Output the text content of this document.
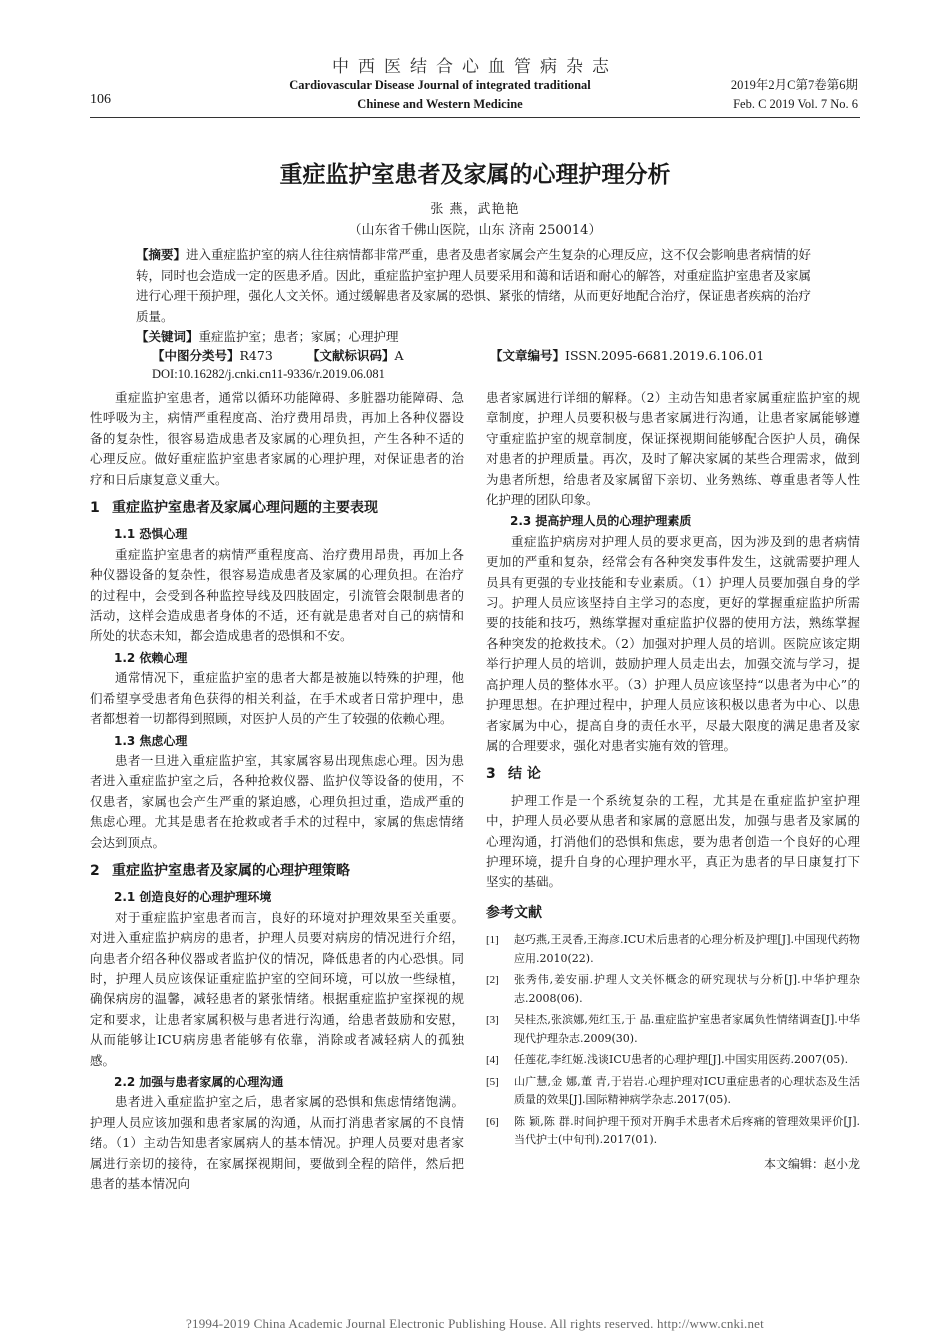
中西医结合心血管病杂志
Cardiovascular Disease Journal of integrated traditional
Chinese and Western Medicine
106
2019年2月C第7卷第6期
Feb. C 2019 Vol. 7 No. 6
重症监护室患者及家属的心理护理分析
张 燕，武艳艳
（山东省千佛山医院，山东 济南 250014）
【摘要】进入重症监护室的病人往往病情都非常严重，患者及患者家属会产生复杂的心理反应，这不仅会影响患者病情的好转，同时也会造成一定的医患矛盾。因此，重症监护室护理人员要采用和蔼和话语和耐心的解答，对重症监护室患者及家属进行心理干预护理，强化人文关怀。通过缓解患者及家属的恐惧、紧张的情绪，从而更好地配合治疗，保证患者疾病的治疗质量。
【关键词】重症监护室；患者；家属；心理护理
【中图分类号】R473	【文献标识码】A	【文章编号】ISSN.2095-6681.2019.6.106.01
DOI:10.16282/j.cnki.cn11-9336/r.2019.06.081

重症监护室患者，通常以循环功能障碍、多脏器功能障碍、急性呼吸为主，病情严重程度高、治疗费用昂贵，再加上各种仪器设备的复杂性，很容易造成患者及家属的心理负担，产生各种不适的心理反应。做好重症监护室患者家属的心理护理，对保证患者的治疗和日后康复意义重大。

1 重症监护室患者及家属心理问题的主要表现
1.1 恐惧心理

重症监护室患者的病情严重程度高、治疗费用昂贵，再加上各种仪器设备的复杂性，很容易造成患者及家属的心理负担。在治疗的过程中，会受到各种监控导线及四肢固定，引流管会限制患者的活动，这样会造成患者身体的不适，还有就是患者对自己的病情和所处的状态未知，都会造成患者的恐惧和不安。

1.2 依赖心理

通常情况下，重症监护室的患者大都是被施以特殊的护理，他们希望享受患者角色获得的相关利益，在手术或者日常护理中，患者都想着一切都得到照顾，对医护人员的产生了较强的依赖心理。

1.3 焦虑心理

患者一旦进入重症监护室，其家属容易出现焦虑心理。因为患者进入重症监护室之后，各种抢救仪器、监护仪等设备的使用，不仅患者，家属也会产生严重的紧迫感，心理负担过重，造成严重的焦虑心理。尤其是患者在抢救或者手术的过程中，家属的焦虑情绪会达到顶点。

2 重症监护室患者及家属的心理护理策略
2.1 创造良好的心理护理环境

对于重症监护室患者而言，良好的环境对护理效果至关重要。对进入重症监护病房的患者，护理人员要对病房的情况进行介绍，向患者介绍各种仪器或者监护仪的情况，降低患者的内心恐惧。同时，护理人员应该保证重症监护室的空间环境，可以放一些绿植，确保病房的温馨，减轻患者的紧张情绪。根据重症监护室探视的规定和要求，让患者家属积极与患者进行沟通，给患者鼓励和安慰，从而能够让ICU病房患者能够有依靠，消除或者减轻病人的孤独感。

2.2 加强与患者家属的心理沟通

患者进入重症监护室之后，患者家属的恐惧和焦虑情绪饱满。护理人员应该加强和患者家属的沟通，从而打消患者家属的不良情绪。（1）主动告知患者家属病人的基本情况。护理人员要对患者家属进行亲切的接待，在家属探视期间，要做到全程的陪伴，然后把患者的基本情况向

患者家属进行详细的解释。（2）主动告知患者家属重症监护室的规章制度，护理人员要积极与患者家属进行沟通，让患者家属能够遵守重症监护室的规章制度，保证探视期间能够配合医护人员，确保对患者的护理质量。再次，及时了解决家属的某些合理需求，做到为患者所想，给患者及家属留下亲切、业务熟练、尊重患者等人性化护理的团队印象。

2.3 提高护理人员的心理护理素质

重症监护病房对护理人员的要求更高，因为涉及到的患者病情更加的严重和复杂，经常会有各种突发事件发生，这就需要护理人员具有更强的专业技能和专业素质。（1）护理人员要加强自身的学习。护理人员应该坚持自主学习的态度，更好的掌握重症监护所需要的技能和技巧，熟练掌握对重症监护仪器的使用方法，熟练掌握各种突发的抢救技术。（2）加强对护理人员的培训。医院应该定期举行护理人员的培训，鼓励护理人员走出去，加强交流与学习，提高护理人员的整体水平。（3）护理人员应该坚持“以患者为中心”的护理思想。在护理过程中，护理人员应该积极以患者为中心、以患者家属为中心，提高自身的责任水平，尽最大限度的满足患者及家属的合理要求，强化对患者实施有效的管理。

3 结 论

护理工作是一个系统复杂的工程，尤其是在重症监护室护理中，护理人员必要从患者和家属的意愿出发，加强与患者及家属的心理沟通，打消他们的恐惧和焦虑，要为患者创造一个良好的心理护理环境，提升自身的心理护理水平，真正为患者的早日康复打下坚实的基础。

参考文献
[1]	赵巧燕,王灵香,王海彦.ICU术后患者的心理分析及护理[J].中国现代药物应用.2010(22).
[2]	张秀伟,姜安丽.护理人文关怀概念的研究现状与分析[J].中华护理杂志.2008(06).
[3]	吴桂杰,张滨娜,苑红玉,于 晶.重症监护室患者家属负性情绪调查[J].中华现代护理杂志.2009(30).
[4]	任莲花,李红姬.浅谈ICU患者的心理护理[J].中国实用医药.2007(05).
[5]	山广慧,金 娜,董 青,于岩岩.心理护理对ICU重症患者的心理状态及生活质量的效果[J].国际精神病学杂志.2017(05).
[6]	陈 颖,陈 群.时间护理干预对开胸手术患者术后疼痛的管理效果评价[J].当代护士(中旬刊).2017(01).
本文编辑：赵小龙
?1994-2019 China Academic Journal Electronic Publishing House. All rights reserved. http://www.cnki.net
